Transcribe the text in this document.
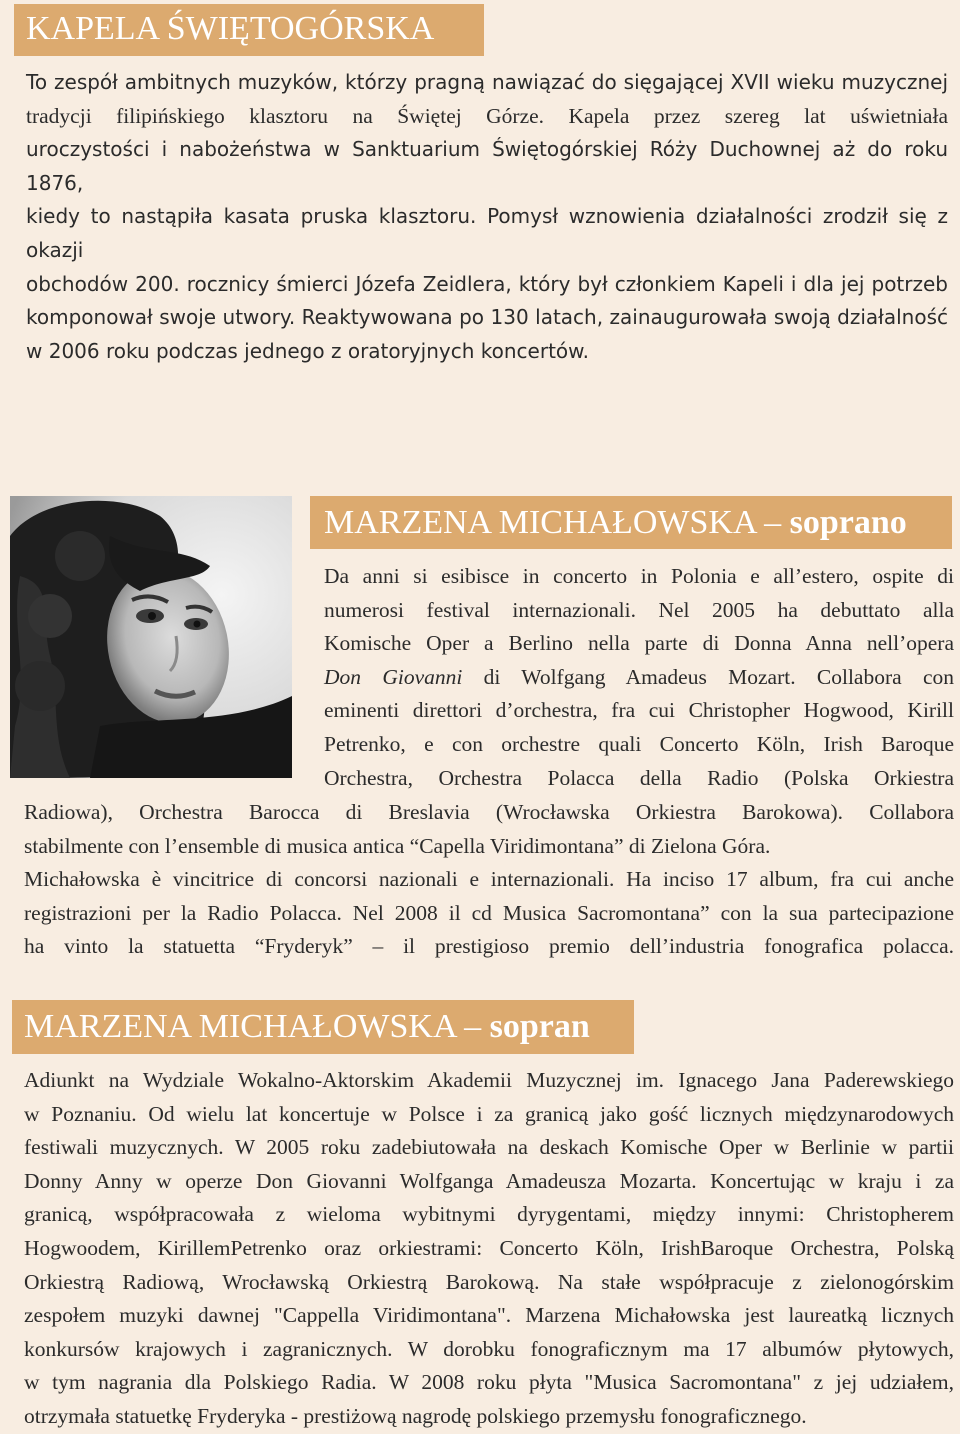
KAPELA ŚWIĘTOGÓRSKA
To zespół ambitnych muzyków, którzy pragną nawiązać do sięgającej XVII wieku muzycznej
tradycji filipińskiego klasztoru na Świętej Górze. Kapela przez szereg lat uświetniała
uroczystości i nabożeństwa w Sanktuarium Świętogórskiej Róży Duchownej aż do roku 1876,
kiedy to nastąpiła kasata pruska klasztoru. Pomysł wznowienia działalności zrodził się z okazji
obchodów 200. rocznicy śmierci Józefa Zeidlera, który był członkiem Kapeli i dla jej potrzeb
komponował swoje utwory. Reaktywowana po 130 latach, zainaugurowała swoją działalność
w 2006 roku podczas jednego z oratoryjnych koncertów.
MARZENA MICHAŁOWSKA – soprano
Da anni si esibisce in concerto in Polonia e all’estero, ospite di
numerosi festival internazionali. Nel 2005 ha debuttato alla
Komische Oper a Berlino nella parte di Donna Anna nell’opera
Don Giovanni di Wolfgang Amadeus Mozart. Collabora con
eminenti direttori d’orchestra, fra cui Christopher Hogwood, Kirill
Petrenko, e con orchestre quali Concerto Köln, Irish Baroque
Orchestra, Orchestra Polacca della Radio (Polska Orkiestra
Radiowa), Orchestra Barocca di Breslavia (Wrocławska Orkiestra Barokowa). Collabora
stabilmente con l’ensemble di musica antica “Capella Viridimontana” di Zielona Góra.
Michałowska è vincitrice di concorsi nazionali e internazionali. Ha inciso 17 album, fra cui anche
registrazioni per la Radio Polacca. Nel 2008 il cd Musica Sacromontana” con la sua partecipazione
ha vinto la statuetta “Fryderyk” – il prestigioso premio dell’industria fonografica polacca.
MARZENA MICHAŁOWSKA – sopran
Adiunkt na Wydziale Wokalno-Aktorskim Akademii Muzycznej im. Ignacego Jana Paderewskiego
w Poznaniu. Od wielu lat koncertuje w Polsce i za granicą jako gość licznych międzynarodowych
festiwali muzycznych. W 2005 roku zadebiutowała na deskach Komische Oper w Berlinie w partii
Donny Anny w operze Don Giovanni Wolfganga Amadeusza Mozarta. Koncertując w kraju i za
granicą, współpracowała z wieloma wybitnymi dyrygentami, między innymi: Christopherem
Hogwoodem, KirillemPetrenko oraz orkiestrami: Concerto Köln, IrishBaroque Orchestra, Polską
Orkiestrą Radiową, Wrocławską Orkiestrą Barokową. Na stałe współpracuje z zielonogórskim
zespołem muzyki dawnej "Cappella Viridimontana". Marzena Michałowska jest laureatką licznych
konkursów krajowych i zagranicznych. W dorobku fonograficznym ma 17 albumów płytowych,
w tym nagrania dla Polskiego Radia. W 2008 roku płyta "Musica Sacromontana" z jej udziałem,
otrzymała statuetkę Fryderyka - prestiżową nagrodę polskiego przemysłu fonograficznego.
